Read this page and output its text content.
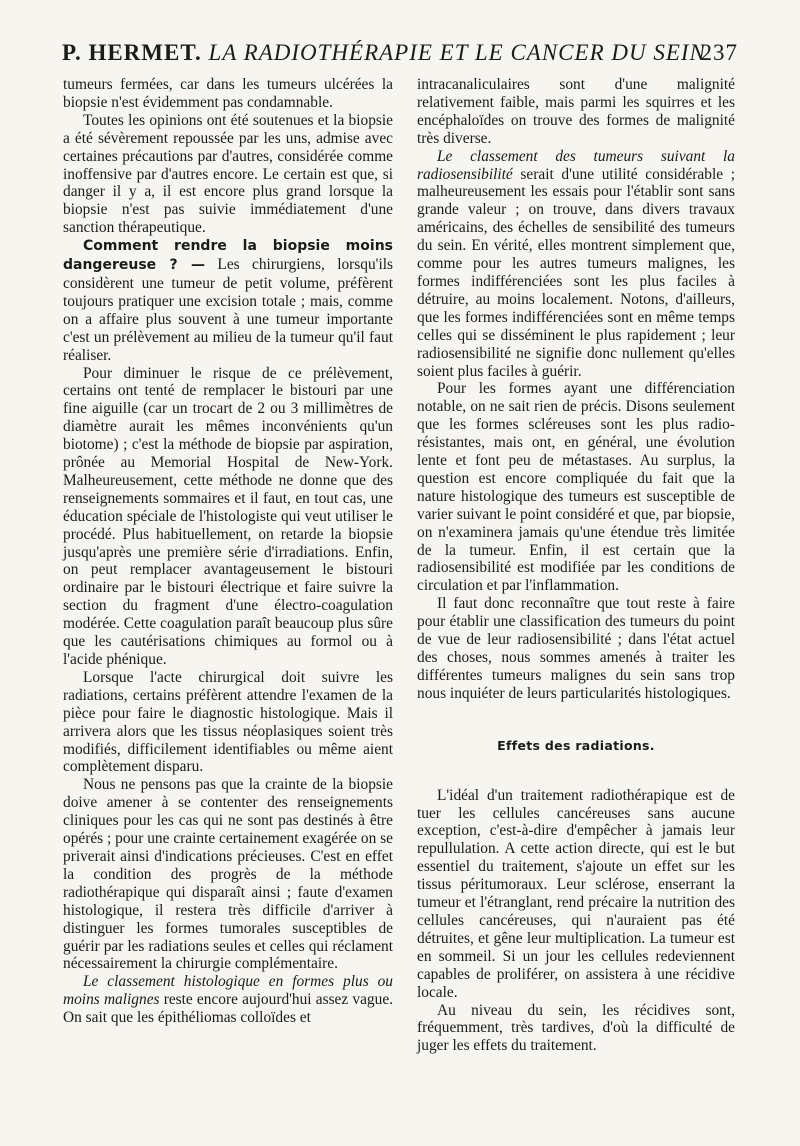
P. HERMET. LA RADIOTHÉRAPIE ET LE CANCER DU SEIN
237

tumeurs fermées, car dans les tumeurs ulcérées la biopsie n'est évidemment pas condamnable.

Toutes les opinions ont été soutenues et la biopsie a été sévèrement repoussée par les uns, admise avec certaines précautions par d'autres, considérée comme inoffensive par d'autres encore. Le certain est que, si danger il y a, il est encore plus grand lorsque la biopsie n'est pas suivie immédiatement d'une sanction thérapeutique.

Comment rendre la biopsie moins dangereuse ? — Les chirurgiens, lorsqu'ils considèrent une tumeur de petit volume, préfèrent toujours pratiquer une excision totale ; mais, comme on a affaire plus souvent à une tumeur importante c'est un prélèvement au milieu de la tumeur qu'il faut réaliser.

Pour diminuer le risque de ce prélèvement, certains ont tenté de remplacer le bistouri par une fine aiguille (car un trocart de 2 ou 3 millimètres de diamètre aurait les mêmes inconvénients qu'un biotome) ; c'est la méthode de biopsie par aspiration, prônée au Memorial Hospital de New-York. Malheureusement, cette méthode ne donne que des renseignements sommaires et il faut, en tout cas, une éducation spéciale de l'histologiste qui veut utiliser le procédé. Plus habituellement, on retarde la biopsie jusqu'après une première série d'irradiations. Enfin, on peut remplacer avantageusement le bistouri ordinaire par le bistouri électrique et faire suivre la section du fragment d'une électro-coagulation modérée. Cette coagulation paraît beaucoup plus sûre que les cautérisations chimiques au formol ou à l'acide phénique.

Lorsque l'acte chirurgical doit suivre les radiations, certains préfèrent attendre l'examen de la pièce pour faire le diagnostic histologique. Mais il arrivera alors que les tissus néoplasiques soient très modifiés, difficilement identifiables ou même aient complètement disparu.

Nous ne pensons pas que la crainte de la biopsie doive amener à se contenter des renseignements cliniques pour les cas qui ne sont pas destinés à être opérés ; pour une crainte certainement exagérée on se priverait ainsi d'indications précieuses. C'est en effet la condition des progrès de la méthode radiothérapique qui disparaît ainsi ; faute d'examen histologique, il restera très difficile d'arriver à distinguer les formes tumorales susceptibles de guérir par les radiations seules et celles qui réclament nécessairement la chirurgie complémentaire.

Le classement histologique en formes plus ou moins malignes reste encore aujourd'hui assez vague. On sait que les épithéliomas colloïdes et

intracanaliculaires sont d'une malignité relativement faible, mais parmi les squirres et les encéphaloïdes on trouve des formes de malignité très diverse.

Le classement des tumeurs suivant la radiosensibilité serait d'une utilité considérable ; malheureusement les essais pour l'établir sont sans grande valeur ; on trouve, dans divers travaux américains, des échelles de sensibilité des tumeurs du sein. En vérité, elles montrent simplement que, comme pour les autres tumeurs malignes, les formes indifférenciées sont les plus faciles à détruire, au moins localement. Notons, d'ailleurs, que les formes indifférenciées sont en même temps celles qui se disséminent le plus rapidement ; leur radiosensibilité ne signifie donc nullement qu'elles soient plus faciles à guérir.

Pour les formes ayant une différenciation notable, on ne sait rien de précis. Disons seulement que les formes scléreuses sont les plus radio-résistantes, mais ont, en général, une évolution lente et font peu de métastases. Au surplus, la question est encore compliquée du fait que la nature histologique des tumeurs est susceptible de varier suivant le point considéré et que, par biopsie, on n'examinera jamais qu'une étendue très limitée de la tumeur. Enfin, il est certain que la radiosensibilité est modifiée par les conditions de circulation et par l'inflammation.

Il faut donc reconnaître que tout reste à faire pour établir une classification des tumeurs du point de vue de leur radiosensibilité ; dans l'état actuel des choses, nous sommes amenés à traiter les différentes tumeurs malignes du sein sans trop nous inquiéter de leurs particularités histologiques.

Effets des radiations.

L'idéal d'un traitement radiothérapique est de tuer les cellules cancéreuses sans aucune exception, c'est-à-dire d'empêcher à jamais leur repullulation. A cette action directe, qui est le but essentiel du traitement, s'ajoute un effet sur les tissus péritumoraux. Leur sclérose, enserrant la tumeur et l'étranglant, rend précaire la nutrition des cellules cancéreuses, qui n'auraient pas été détruites, et gêne leur multiplication. La tumeur est en sommeil. Si un jour les cellules redeviennent capables de proliférer, on assistera à une récidive locale.

Au niveau du sein, les récidives sont, fréquemment, très tardives, d'où la difficulté de juger les effets du traitement.
